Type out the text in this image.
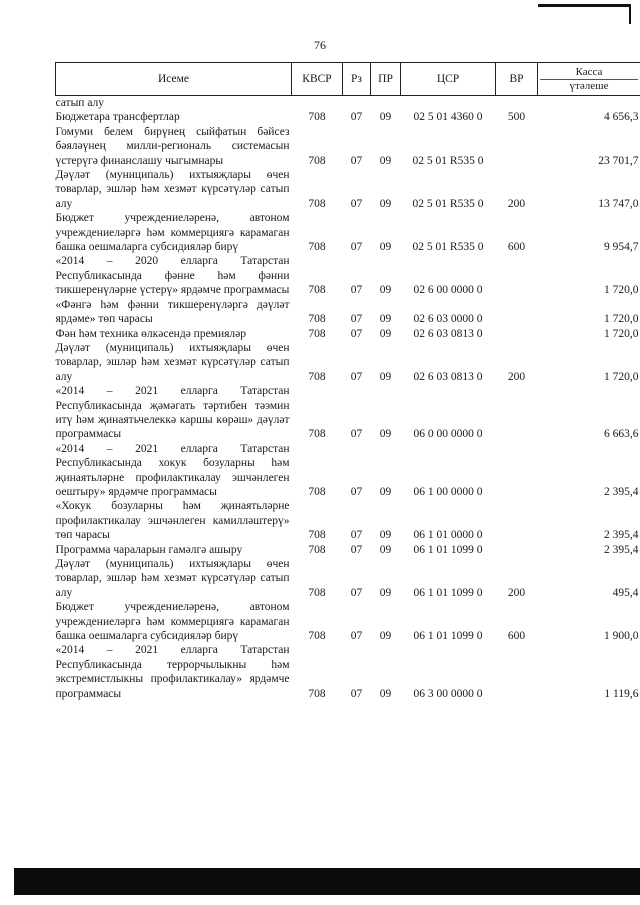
76
Исеме	КВСР	Рз	ПР	ЦСР	ВР	Касса
үтәлеше

сатып алу						
Бюджетара трансфертлар	708	07	09	02 5 01 4360 0	500	4 656,3
Гомуми белем бирүнең сыйфатын бәйсез бәяләүнең милли-региональ системасын үстерүгә финанслашу чыгымнары	708	07	09	02 5 01 R535 0		23 701,7
Дәүләт (муниципаль) ихтыяҗлары өчен товарлар, эшләр һәм хезмәт күрсәтүләр сатып алу	708	07	09	02 5 01 R535 0	200	13 747,0
Бюджет учреждениеләренә, автоном учреждениеләргә һәм коммерциягә карамаган башка оешмаларга субсидияләр бирү	708	07	09	02 5 01 R535 0	600	9 954,7
«2014 – 2020 елларга Татарстан Республикасында фәнне һәм фәнни тикшеренүләрне үстерү» ярдәмче программасы	708	07	09	02 6 00 0000 0		1 720,0
«Фәнгә һәм фәнни тикшеренүләргә дәүләт ярдәме» төп чарасы	708	07	09	02 6 03 0000 0		1 720,0
Фән һәм техника өлкәсендә премияләр	708	07	09	02 6 03 0813 0		1 720,0
Дәүләт (муниципаль) ихтыяҗлары өчен товарлар, эшләр һәм хезмәт күрсәтүләр сатып алу	708	07	09	02 6 03 0813 0	200	1 720,0
«2014 – 2021 елларга Татарстан Республикасында җәмәгать тәртибен тәэмин итү һәм җинаятьчелеккә каршы көрәш» дәүләт программасы	708	07	09	06 0 00 0000 0		6 663,6
«2014 – 2021 елларга Татарстан Республикасында хокук бозуларны һәм җинаятьләрне профилактикалау эшчәнлеген оештыру» ярдәмче программасы	708	07	09	06 1 00 0000 0		2 395,4
«Хокук бозуларны һәм җинаятьләрне профилактикалау эшчәнлеген камилләштерү» төп чарасы	708	07	09	06 1 01 0000 0		2 395,4
Программа чараларын гамәлгә ашыру	708	07	09	06 1 01 1099 0		2 395,4
Дәүләт (муниципаль) ихтыяҗлары өчен товарлар, эшләр һәм хезмәт күрсәтүләр сатып алу	708	07	09	06 1 01 1099 0	200	495,4
Бюджет учреждениеләренә, автоном учреждениеләргә һәм коммерциягә карамаган башка оешмаларга субсидияләр бирү	708	07	09	06 1 01 1099 0	600	1 900,0
«2014 – 2021 елларга Татарстан Республикасында террорчылыкны һәм экстремистлыкны профилактикалау» ярдәмче программасы	708	07	09	06 3 00 0000 0		1 119,6
